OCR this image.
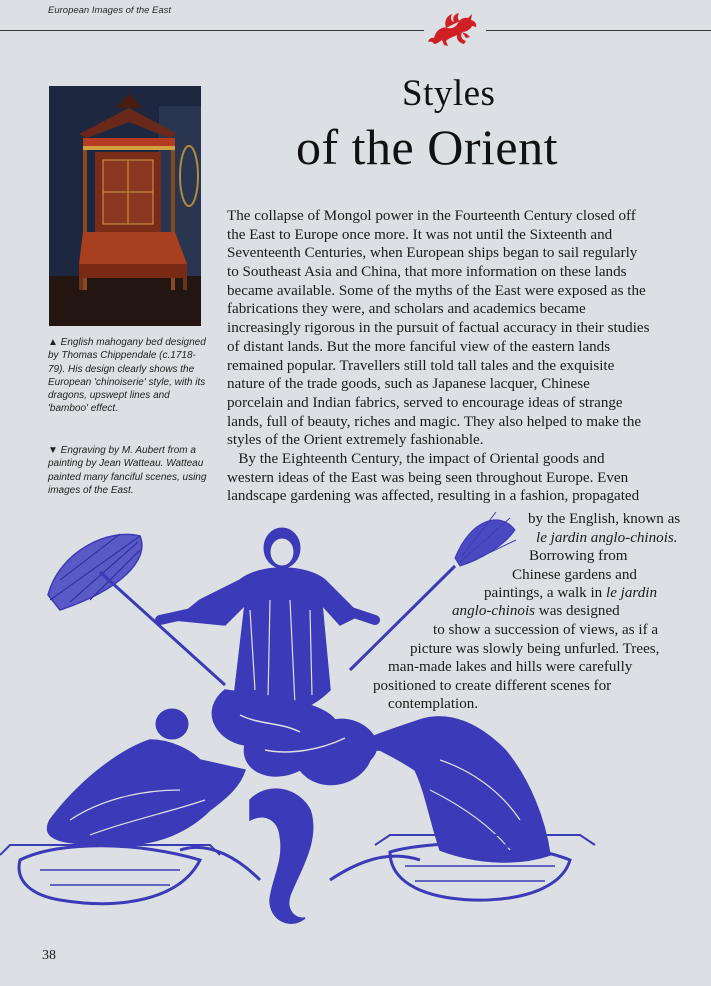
European Images of the East
▲ English mahogany bed designed by Thomas Chippendale (c.1718-79). His design clearly shows the European 'chinoiserie' style, with its dragons, upswept lines and 'bamboo' effect.
▼ Engraving by M. Aubert from a painting by Jean Watteau. Watteau painted many fanciful scenes, using images of the East.
Styles
of the Orient
The collapse of Mongol power in the Fourteenth Century closed off
the East to Europe once more. It was not until the Sixteenth and
Seventeenth Centuries, when European ships began to sail regularly
to Southeast Asia and China, that more information on these lands
became available. Some of the myths of the East were exposed as the
fabrications they were, and scholars and academics became
increasingly rigorous in the pursuit of factual accuracy in their studies
of distant lands. But the more fanciful view of the eastern lands
remained popular. Travellers still told tall tales and the exquisite
nature of the trade goods, such as Japanese lacquer, Chinese
porcelain and Indian fabrics, served to encourage ideas of strange
lands, full of beauty, riches and magic. They also helped to make the
styles of the Orient extremely fashionable.
By the Eighteenth Century, the impact of Oriental goods and
western ideas of the East was being seen throughout Europe. Even
landscape gardening was affected, resulting in a fashion, propagated
by the English, known as
le jardin anglo-chinois.
Borrowing from
Chinese gardens and
paintings, a walk in le jardin
anglo-chinois was designed
to show a succession of views, as if a
picture was slowly being unfurled. Trees,
man-made lakes and hills were carefully
positioned to create different scenes for
contemplation.
38
